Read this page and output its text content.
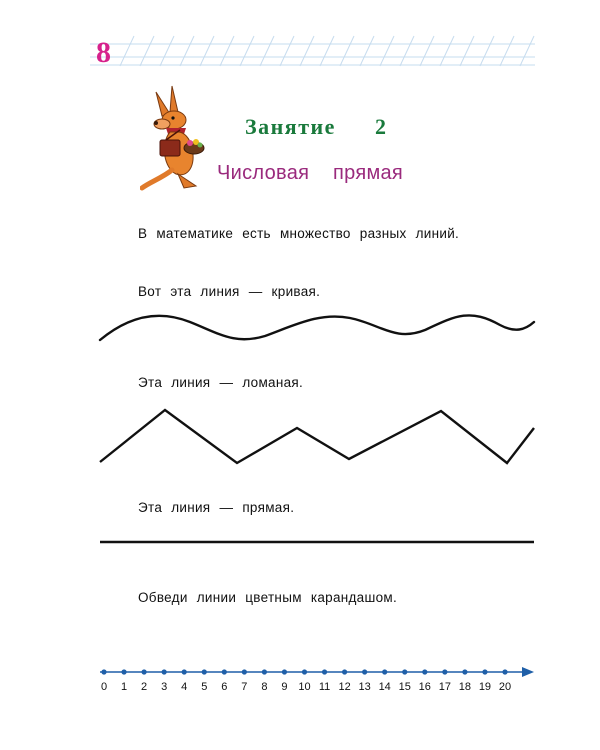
8
Занятие   2
Числовая  прямая
В математике есть множество разных линий.
Вот эта линия — кривая.
Эта линия — ломаная.
Эта линия — прямая.
Обведи линии цветным карандашом.
0 1 2 3 4 5 6 7 8 9 10 11 12 13 14 15 16 17 18 19 20
